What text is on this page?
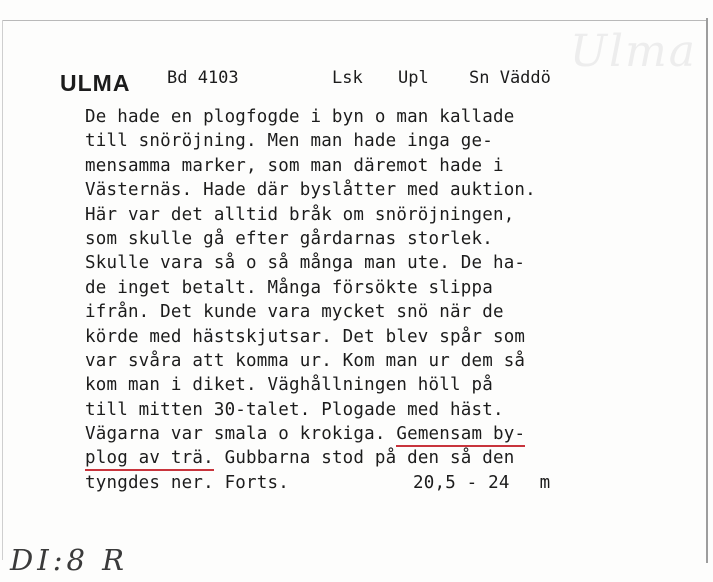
Ulma
ULMA Bd 4103	Lsk Upl Sn Väddö
De hade en plogfogde i byn o man kallade
till snöröjning. Men man hade inga ge-
mensamma marker, som man däremot hade i
Västernäs. Hade där byslåtter med auktion.
Här var det alltid bråk om snöröjningen,
som skulle gå efter gårdarnas storlek.
Skulle vara så o så många man ute. De ha-
de inget betalt. Många försökte slippa
ifrån. Det kunde vara mycket snö när de
körde med hästskjutsar. Det blev spår som
var svåra att komma ur. Kom man ur dem så
kom man i diket. Väghållningen höll på
till mitten 30-talet. Plogade med häst.
Vägarna var smala o krokiga. Gemensam by-
plog av trä. Gubbarna stod på den så den
tyngdes ner. Forts.	20,5 - 24 m
DI:8 R
